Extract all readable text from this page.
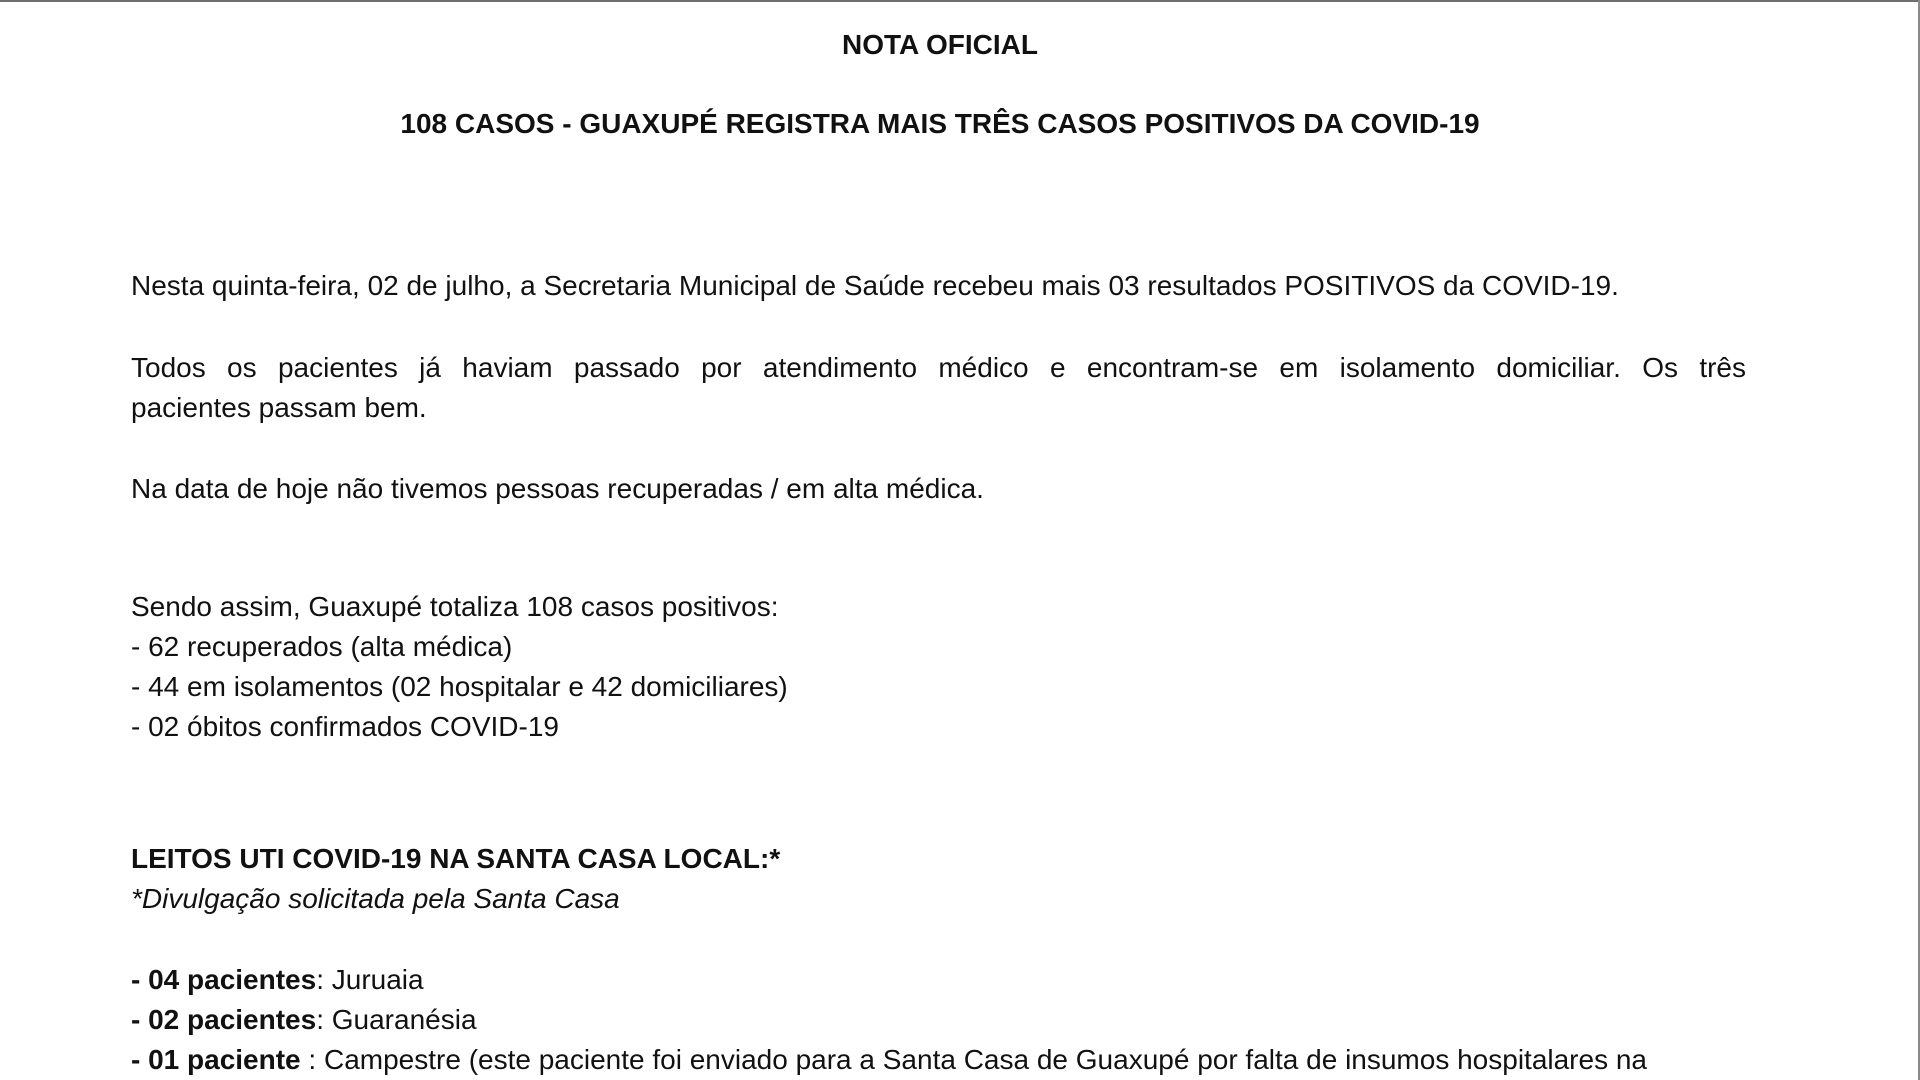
NOTA OFICIAL
108 CASOS - GUAXUPÉ REGISTRA MAIS TRÊS CASOS POSITIVOS DA COVID-19
Nesta quinta-feira, 02 de julho, a Secretaria Municipal de Saúde recebeu mais 03 resultados POSITIVOS da COVID-19.
Todos os pacientes já haviam passado por atendimento médico e encontram-se em isolamento domiciliar. Os três
pacientes passam bem.
Na data de hoje não tivemos pessoas recuperadas / em alta médica.
Sendo assim, Guaxupé totaliza 108 casos positivos:
- 62 recuperados (alta médica)
- 44 em isolamentos (02 hospitalar e 42 domiciliares)
- 02 óbitos confirmados COVID-19
LEITOS UTI COVID-19 NA SANTA CASA LOCAL:*
*Divulgação solicitada pela Santa Casa
- 04 pacientes: Juruaia
- 02 pacientes: Guaranésia
- 01 paciente : Campestre (este paciente foi enviado para a Santa Casa de Guaxupé por falta de insumos hospitalares na
